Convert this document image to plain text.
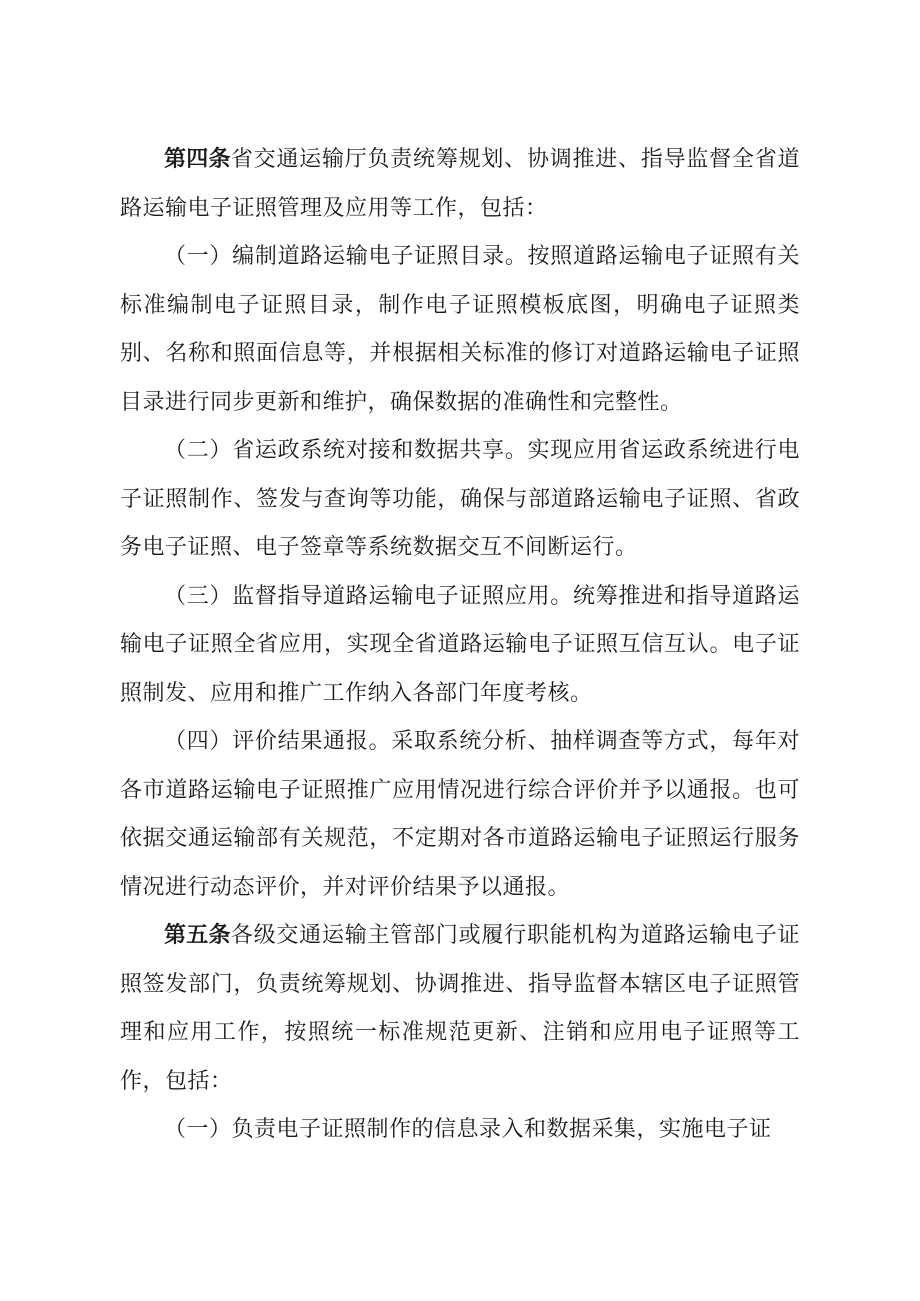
第四条省交通运输厅负责统筹规划、协调推进、指导监督全省道路运输电子证照管理及应用等工作，包括：

（一）编制道路运输电子证照目录。按照道路运输电子证照有关标准编制电子证照目录，制作电子证照模板底图，明确电子证照类别、名称和照面信息等，并根据相关标准的修订对道路运输电子证照目录进行同步更新和维护，确保数据的准确性和完整性。

（二）省运政系统对接和数据共享。实现应用省运政系统进行电子证照制作、签发与查询等功能，确保与部道路运输电子证照、省政务电子证照、电子签章等系统数据交互不间断运行。

（三）监督指导道路运输电子证照应用。统筹推进和指导道路运输电子证照全省应用，实现全省道路运输电子证照互信互认。电子证照制发、应用和推广工作纳入各部门年度考核。

（四）评价结果通报。采取系统分析、抽样调查等方式，每年对各市道路运输电子证照推广应用情况进行综合评价并予以通报。也可依据交通运输部有关规范，不定期对各市道路运输电子证照运行服务情况进行动态评价，并对评价结果予以通报。

第五条各级交通运输主管部门或履行职能机构为道路运输电子证照签发部门，负责统筹规划、协调推进、指导监督本辖区电子证照管理和应用工作，按照统一标准规范更新、注销和应用电子证照等工作，包括：

（一）负责电子证照制作的信息录入和数据采集，实施电子证
